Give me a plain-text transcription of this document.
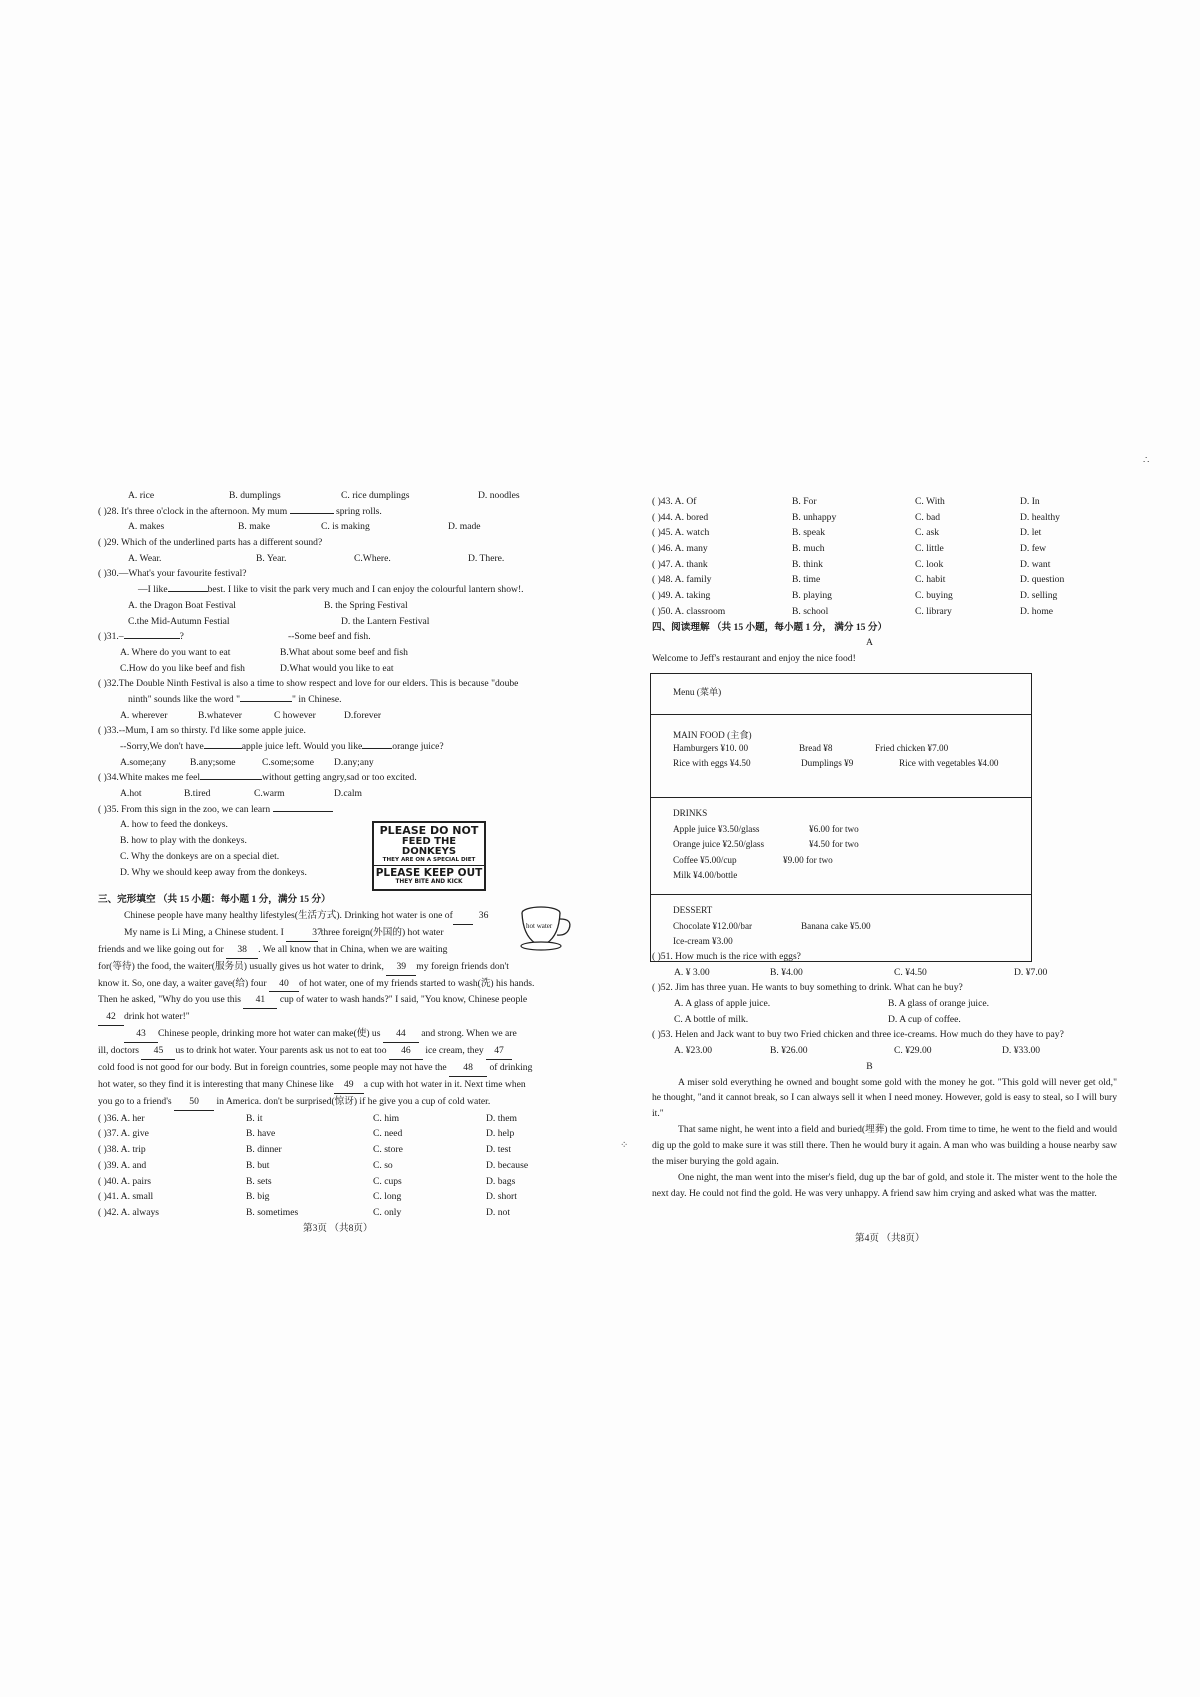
A. rice	B. dumplings	C. rice dumplings	D. noodles
( )28. It's three o'clock in the afternoon. My mum	spring rolls.
A. makes	B. make	C. is making	D. made
( )29. Which of the underlined parts has a different sound?
A. Wear.	B. Year.	C.Where.	D. There.
( )30.—What's your favourite festival?
—I like	best. I like to visit the park very much and I can enjoy the colourful lantern show!.
A. the Dragon Boat Festival	B. the Spring Festival
C.the Mid-Autumn Festial	D. the Lantern Festival
( )31.–	?	--Some beef and fish.
A. Where do you want to eat	B.What about some beef and fish
C.How do you like beef and fish	D.What would you like to eat
( )32.The Double Ninth Festival is also a time to show respect and love for our elders. This is because "doube
ninth" sounds like the word "	" in Chinese.
A. wherever	B.whatever	C however	D.forever
( )33.--Mum, I am so thirsty. I'd like some apple juice.
--Sorry,We don't have	apple juice left. Would you like	orange juice?
A.some;any B.any;some	C.some;some D.any;any
( )34.White makes me feel	without getting angry,sad or too excited.
A.hot	B.tired	C.warm	D.calm
( )35. From this sign in the zoo, we can learn
A. how to feed the donkeys.
B. how to play with the donkeys.
C. Why the donkeys are on a special diet.
D. Why we should keep away from the donkeys.
三、完形填空 （共 15 小题：每小题 1 分，满分 15 分）
Chinese people have many healthy lifestyles(生活方式). Drinking hot water is one of	36
My name is Li Ming, a Chinese student. I	37 three foreign(外国的) hot water
friends and we like going out for 38 . We all know that in China, when we are waiting
for(等待) the food, the waiter(服务员) usually gives us hot water to drink, 39 my foreign friends don't
know it. So, one day, a waiter gave(给) four 40 of hot water, one of my friends started to wash(洗) his hands.
Then he asked, "Why do you use this 41 cup of water to wash hands?" I said, "You know, Chinese people
42 drink hot water!"
43 Chinese people, drinking more hot water can make(使) us 44 and strong. When we are
ill, doctors 45 us to drink hot water. Your parents ask us not to eat too 46 ice cream, they 47
cold food is not good for our body. But in foreign countries, some people may not have the 48 of drinking
hot water, so they find it is interesting that many Chinese like 49 a cup with hot water in it. Next time when
you go to a friend's 50 in America. don't be surprised(惊讶) if he give you a cup of cold water.
( )36. A. her	B. it	C. him	D. them
( )37. A. give	B. have	C. need	D. help
( )38. A. trip	B. dinner	C. store	D. test
( )39. A. and	B. but	C. so	D. because
( )40. A. pairs	B. sets	C. cups	D. bags
( )41. A. small	B. big	C. long	D. short
( )42. A. always	B. sometimes	C. only	D. not
PLEASE DO NOT
FEED THE DONKEYS
THEY ARE ON A SPECIAL DIET
PLEASE KEEP OUT
THEY BITE AND KICK
hot water
第3页 （共8页）
( )43. A. Of	B. For	C. With	D. In
( )44. A. bored	B. unhappy	C. bad	D. healthy
( )45. A. watch	B. speak	C. ask	D. let
( )46. A. many	B. much	C. little	D. few
( )47. A. thank	B. think	C. look	D. want
( )48. A. family	B. time	C. habit	D. question
( )49. A. taking	B. playing	C. buying	D. selling
( )50. A. classroom	B. school	C. library	D. home
四、阅读理解 （共 15 小题，每小题 1 分， 满分 15 分）
A
Welcome to Jeff's restaurant and enjoy the nice food!
Menu (菜单)
MAIN FOOD (主食)
Hamburgers ¥10. 00	Bread ¥8	Fried chicken ¥7.00
Rice with eggs ¥4.50	Dumplings ¥9	Rice with vegetables ¥4.00
DRINKS
Apple juice ¥3.50/glass	¥6.00 for two
Orange juice ¥2.50/glass	¥4.50 for two
Coffee ¥5.00/cup	¥9.00 for two
Milk ¥4.00/bottle
DESSERT
Chocolate ¥12.00/bar	Banana cake ¥5.00
Ice-cream ¥3.00
( )51. How much is the rice with eggs?
A. ¥ 3.00	B. ¥4.00	C. ¥4.50	D. ¥7.00
( )52. Jim has three yuan. He wants to buy something to drink. What can he buy?
A. A glass of apple juice.	B. A glass of orange juice.
C. A bottle of milk.	D. A cup of coffee.
( )53. Helen and Jack want to buy two Fried chicken and three ice-creams. How much do they have to pay?
A. ¥23.00	B. ¥26.00	C. ¥29.00	D. ¥33.00
B
A miser sold everything he owned and bought some gold with the money he got. "This gold will never get old," he thought, "and it cannot break, so I can always sell it when I need money. However, gold is easy to steal, so I will bury it."
That same night, he went into a field and buried(埋葬) the gold. From time to time, he went to the field and would dig up the gold to make sure it was still there. Then he would bury it again. A man who was building a house nearby saw the miser burying the gold again.
One night, the man went into the miser's field, dug up the bar of gold, and stole it. The mister went to the hole the next day. He could not find the gold. He was very unhappy. A friend saw him crying and asked what was the matter.
第4页 （共8页）
∴
⁘
